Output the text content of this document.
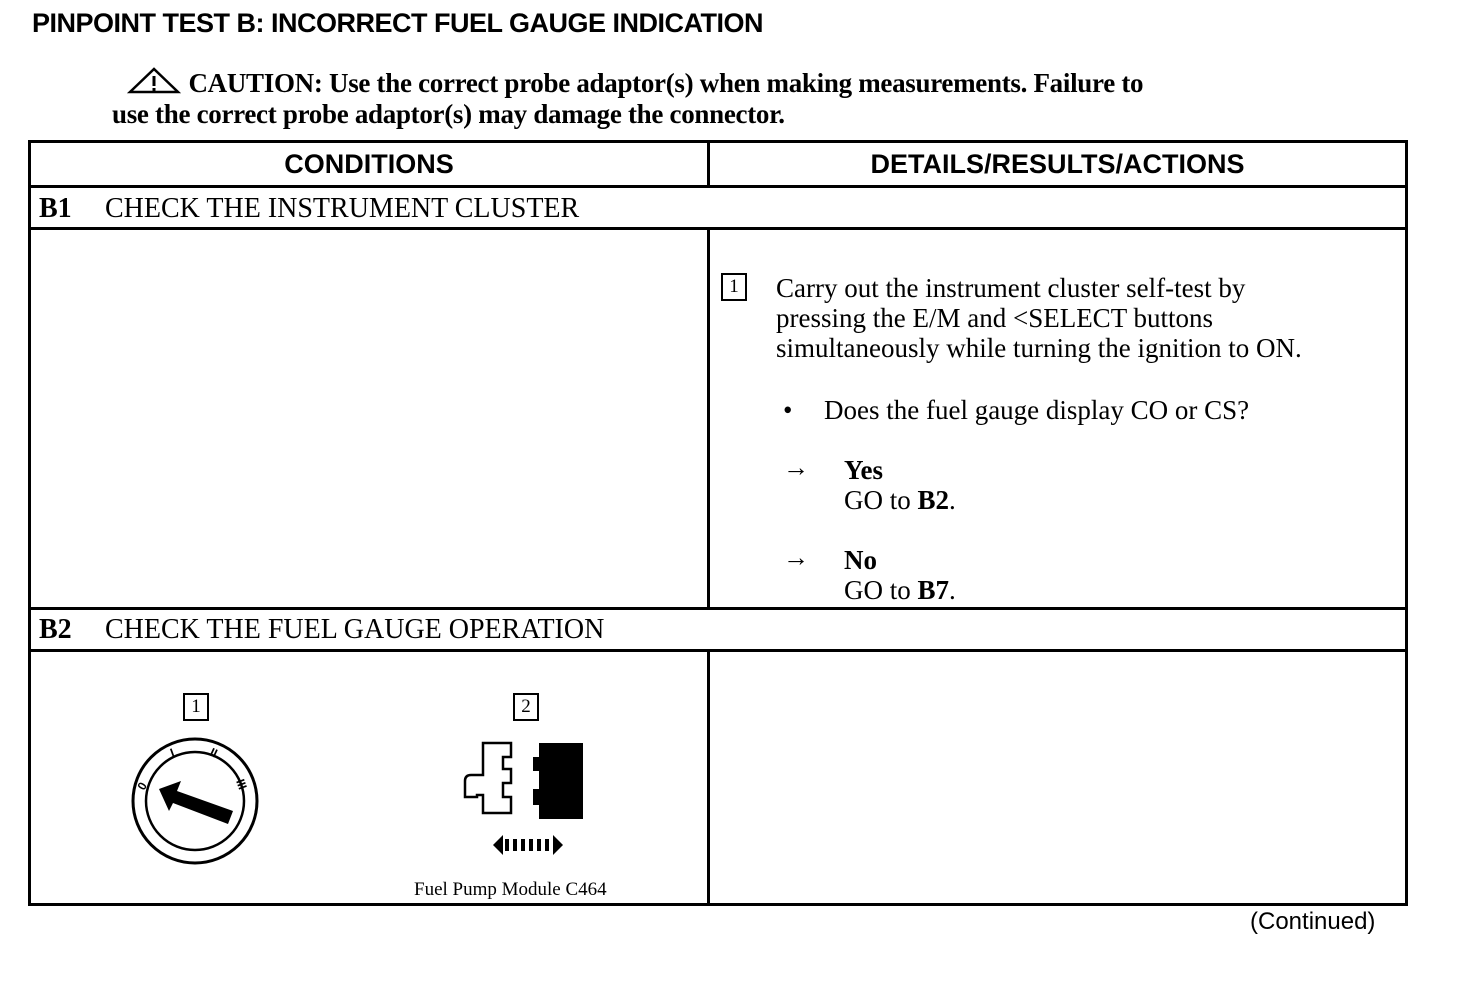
PINPOINT TEST B: INCORRECT FUEL GAUGE INDICATION
CAUTION: Use the correct probe adaptor(s) when making measurements. Failure to
use the correct probe adaptor(s) may damage the connector.
CONDITIONS	DETAILS/RESULTS/ACTIONS
B1 CHECK THE INSTRUMENT CLUSTER
1	Carry out the instrument cluster self-test by
pressing the E/M and <SELECT buttons
simultaneously while turning the ignition to ON.
• Does the fuel gauge display CO or CS?
→ Yes
GO to B2.
→ No
GO to B7.
B2 CHECK THE FUEL GAUGE OPERATION
1
0
I	II
III
2
Fuel Pump Module C464
(Continued)
